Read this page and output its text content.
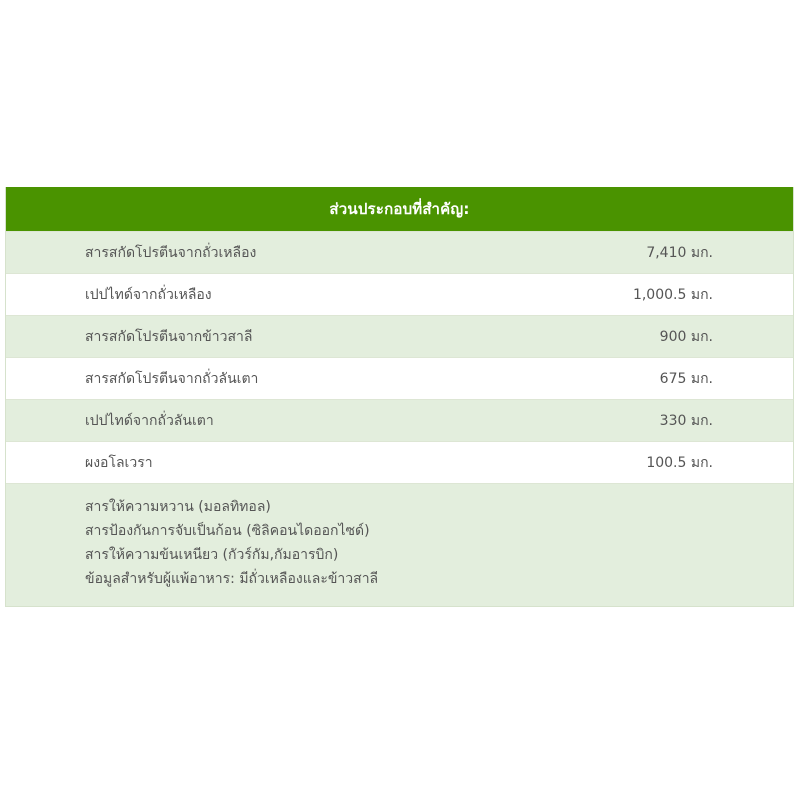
ส่วนประกอบที่สำคัญ:
สารสกัดโปรตีนจากถั่วเหลือง	7,410 มก.
เปปไทด์จากถั่วเหลือง	1,000.5 มก.
สารสกัดโปรตีนจากข้าวสาลี	900 มก.
สารสกัดโปรตีนจากถั่วลันเตา	675 มก.
เปปไทด์จากถั่วลันเตา	330 มก.
ผงอโลเวรา	100.5 มก.
สารให้ความหวาน (มอลทิทอล)
สารป้องกันการจับเป็นก้อน (ซิลิคอนไดออกไซด์)
สารให้ความข้นเหนียว (กัวร์กัม,กัมอารบิก)
ข้อมูลสำหรับผู้แพ้อาหาร: มีถั่วเหลืองและข้าวสาลี
